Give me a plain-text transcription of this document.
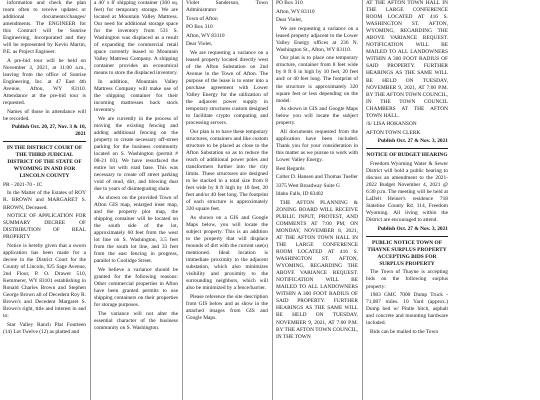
information and check the plan room often to receive updates or additional documents/changes/ amendments. The ENGINEER for this Contract will be Sunrise Engineering, Incorporated and they will be represented by Kevin Martin, P.E. as Project Engineer.

A pre-bid tour will be held on November 3, 2021, at 11:00 a.m., leaving from the office of Sunrise Engineering, Inc. at 47 East 4th Avenue, Afton, WY 83110. Attendance at the pre-bid tour is requested.

Names of those in attendance will be recorded.

Publish Oct. 20, 27, Nov. 3 & 10, 2021

IN THE DISTRICT COURT OF THE THIRD JUDICIAL DISTRICT OF THE STATE OF WYOMING IN AND FOR LINCOLN COUNTY

PR - 2021-70 - JC

In the Matter of the Estates of ROY R. BROWN and MARGARET S. BROWN, Deceased.

NOTICE OF APPLICATION FOR SUMMARY DECREE OF DISTRIBUTION OF REAL PROPERTY

Notice is hereby given that a sworn application has been made for a decree in the District Court for the County of Lincoln, 925 Sage Avenue, 2nd Floor, P. O. Drawer 510, Kemmerer, WY 83101 establishing in Ronald Charles Brown and Stephen George Brown all of Decedent Roy R. Brown's and Decedent Margaret S. Brown's right, title and interest in and to:

Star Valley Ranch Plat Fourteen (14) Lot Twelve (12) as platted and

a 40' x 8' shipping container (360 sq. feet) for temporary storage. We are located at Mountain Valley Mattress. Our need for additional storage space for the inventory from 531 S. Washington was displaced as a result of expanding the commercial retail space currently leased to Mountain Valley Mattress Company. A shipping container provides an economical means to store the displaced inventory.

In addition, Mountain Valley Mattress Company will make use of the shipping container for their incoming mattresses back stock inventory.

We are currently in the process of moving the existing fencing and adding additional fencing on the property to create necessary off-street parking for the business community located on S. Washington (permit # 08-21 03). We have resurfaced the entire lot with road base. This was necessary to create off street parking void of mud, dirt, and blowing dust due to years of disintegrating shale.

As shown on the provided Town of Afton GIS map, enlarged inset map, and the property plot map, the shipping container will be located on the south side of the lot, approximately 60 feet from the west lot line on S. Washington, 3.5 feet from the south lot line, and 33 feet from the east fencing in progress, parallel to Coolidge Street.

We believe a variance should be granted for the following reasons: Other commercial properties in Afton have been granted permits to use shipping containers on their properties for storage purposes.

The variance will not alter the essential character of the business community on S. Washington.

Violet Sanderson, Town Administrator

Town of Afton

PO Box 310

Afton, WY 83110

Dear Violet,

We are requesting a variance on a leased property located directly west of the Afton Substation on 2nd Avenue in the Town of Afton. The purpose of the lease is to enter into a purchase agreement with Lower Valley Energy for the utilization of the adjacent power supply in temporary structures custom designed to facilitate crypto computing and processing servers.

Our plan is to have these temporary structures, containers and like custom structure to be placed as close to the Afton Substation so as to reduce the reach of additional power poles and transformers further into the city limits. These structures are designed to be stacked in a total size from 8 feet wide by 8 ft high by 10 feet, 20 feet and/or 40 feet long. The footprint of each structure is approximately 320 square feet.

As shown on a GIS and Google Maps below, you will locate the subject property. This is an addition to the property that will displace mounds of dirt with the current use(s) mentioned. Ideal location is immediate proximity to the adjacent substation, which also minimizes visibility and proximity to the surrounding neighbors, which will also be minimized by a fence/barrier.

Please reference the site description from GIS below and as show in the attached images from GIS and Google Maps.

PO Box 310

Afton, WY 83110

Dear Violet,

We are requesting a variance on a leased property adjacent to the Lower Valley Energy offices at 236 N. Washington St., Afton, WY 83110.

Our plan is to place one temporary structure, container from 8 feet wide by 8 ft 6 in high by 10 feet, 20 feet and/ or 40 feet long. The footprint of the structure is approximately 320 square feet or less depending on the model.

As shown in GIS and Google Maps below you will locate the subject property.

All documents requested from the application have been included. Thank you for your consideration in this matter as we pursue to work with Lower Valley Energy.

Best Regards

Colter D. Hansen and Thomas Tueller

3375 West Broadway Suite G

Idaho Falls, ID 83402

THE AFTON PLANNING & ZONING BOARD WILL RECEIVE PUBLIC INPUT, PROTEST, AND COMMENTS AT 7:00 PM, ON MONDAY, NOVEMBER 8, 2021, AT THE AFTON TOWN HALL IN THE LARGE CONFERENCE ROOM LOCATED AT 416 S. WASHINGTON ST. AFTON, WYOMING, REGARDING THE ABOVE VARIANCE REQUEST. NOTIFICATION WILL BE MAILED TO ALL LANDOWNERS WITHIN A 300 FOOT RADIUS OF SAID PROPERTY. FURTHER HEARINGS AS THE SAME WILL BE HELD ON TUESDAY, NOVEMBER 9, 2021, AT 7:00 P.M. BY THE AFTON TOWN COUNCIL, IN THE TOWN

AT THE AFTON TOWN HALL IN THE LARGE CONFERENCE ROOM LOCATED AT 416 S. WASHINGTON ST. AFTON, WYOMING, REGARDING THE ABOVE VARIANCE REQUEST. NOTIFICATION WILL BE MAILED TO ALL LANDOWNERS WITHIN A 300 FOOT RADIUS OF SAID PROPERTY. FURTHER HEARINGS AS THE SAME WILL BE HELD ON TUESDAY, NOVEMBER 9, 2021, AT 7:00 P.M. BY THE AFTON TOWN COUNCIL, IN THE TOWN COUNCIL CHAMBERS AT THE AFTON TOWN HALL.

/S/ LISA HOKANSON

AFTON TOWN CLERK

Publish Oct. 27 & Nov. 3, 2021

NOTICE OF BUDGET HEARING

Freedom Wyoming Water & Sewer District will hold a public hearing to discuss an amendment to the 2021-2022 Budget November 4, 2021 @ 6:30 p.m. The meeting will be held at LaDell Heiner's residence 718 Stateline County Rd. 114, Freedom Wyoming. All living within the District are encouraged to attend.

Publish Oct. 27 & Nov. 3, 2021

PUBLIC NOTICE TOWN OF THAYNE SURPLUS PROPERTY ACCEPTING BIDS FOR SURPLUS PROPERTY

The Town of Thayne is accepting bids on the following surplus property:

1983 GMC 7000 Dump Truck - 71,087 miles. 10 Yard (approx.) Dump bed w/ Pintle hitch, asphalt and concrete and mounting hardware included.

Bids can be mailed to the Town
